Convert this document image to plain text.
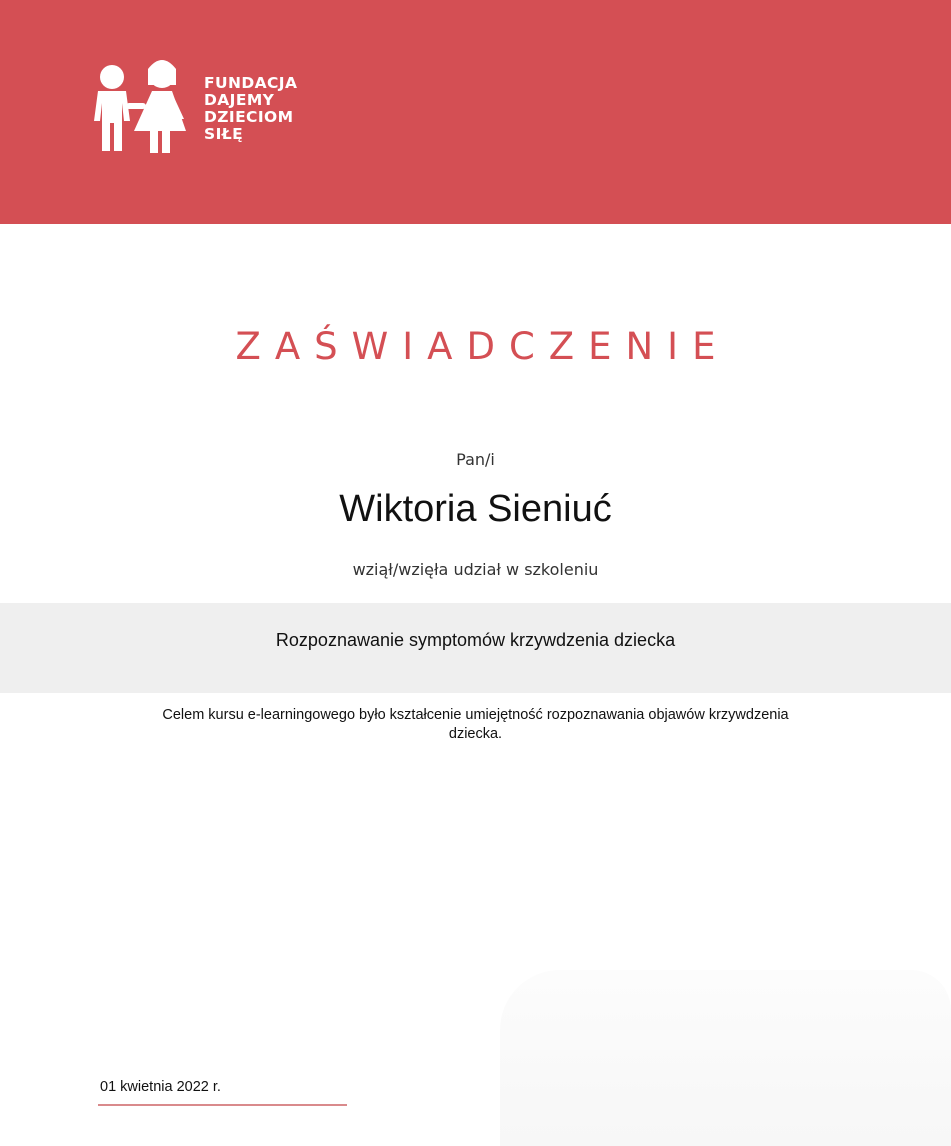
FUNDACJA
DAJEMY
DZIECIOM
SIŁĘ
ZAŚWIADCZENIE
Pan/i
Wiktoria Sieniuć
wziął/wzięła udział w szkoleniu
Rozpoznawanie symptomów krzywdzenia dziecka
Celem kursu e-learningowego było kształcenie umiejętność rozpoznawania objawów krzywdzenia dziecka.
01 kwietnia 2022 r.
